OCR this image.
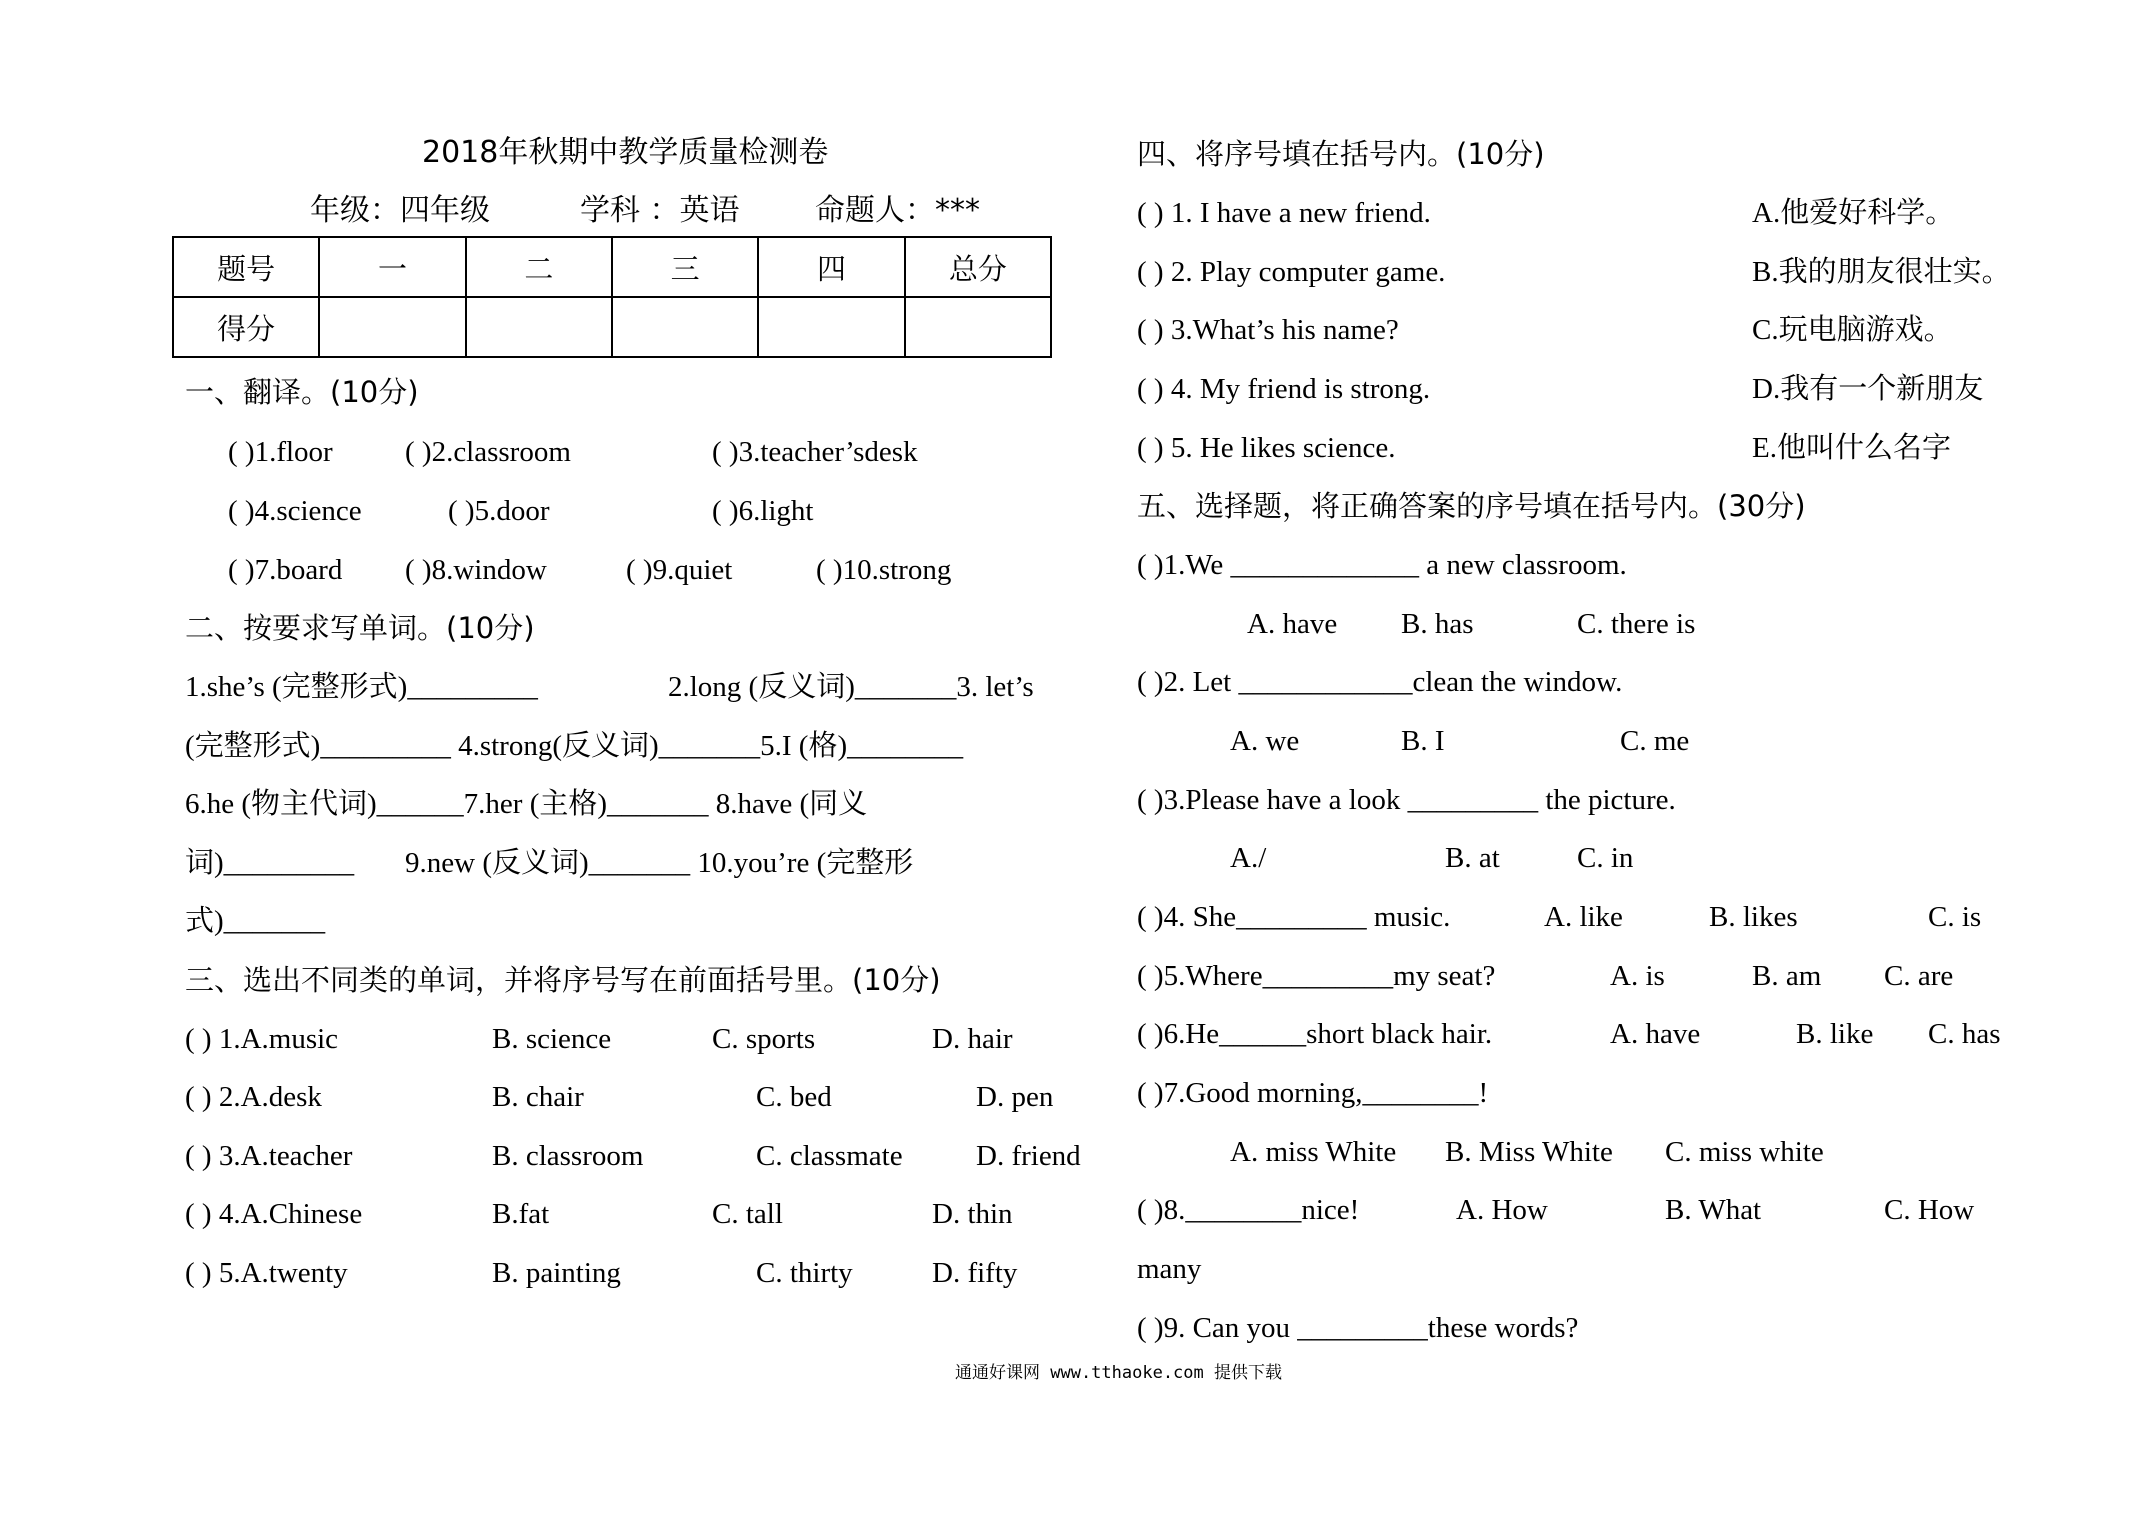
2018年秋期中教学质量检测卷
年级：四年级	学科 ：英语	命题人：***
题号	一	二	三	四	总分
得分					
一、翻译。(10分)
( )1.floor ( )2.classroom	( )3.teacher’sdesk
( )4.science	( )5.door	( )6.light
( )7.board ( )8.window	( )9.quiet	( )10.strong
二、按要求写单词。(10分)
1.she’s (完整形式)_________	2.long (反义词)_______3. let’s
(完整形式)_________ 4.strong(反义词)_______5.I (格)________
6.he (物主代词)______7.her (主格)_______ 8.have (同义
词)_________ 9.new (反义词)_______ 10.you’re (完整形
式)_______
三、选出不同类的单词，并将序号写在前面括号里。(10分)
( ) 1.A.music	B. science	C. sports	D. hair
( ) 2.A.desk	B. chair	C. bed	D. pen
( ) 3.A.teacher	B. classroom	C. classmate	D. friend
( ) 4.A.Chinese	B.fat	C. tall	D. thin
( ) 5.A.twenty	B. painting	C. thirty	D. fifty
四、将序号填在括号内。(10分)
( ) 1. I have a new friend.	A.他爱好科学。
( ) 2. Play computer game.	B.我的朋友很壮实。
( ) 3.What’s his name?	C.玩电脑游戏。
( ) 4. My friend is strong.	D.我有一个新朋友
( ) 5. He likes science.	E.他叫什么名字
五、选择题，将正确答案的序号填在括号内。(30分)
( )1.We _____________ a new classroom.
A. have B. has	C. there is
( )2. Let ____________clean the window.
A. we	B. I	C. me
( )3.Please have a look _________ the picture.
A./	B. at	C. in
( )4. She_________ music.	A. like	B. likes	C. is
( )5.Where_________my seat?	A. is	B. am C. are
( )6.He______short black hair.	A. have	B. like C. has
( )7.Good morning,________!
A. miss White B. Miss White C. miss white
( )8.________nice!	A. How	B. What	C. How
many
( )9. Can you _________these words?
通通好课网 www.tthaoke.com 提供下载
